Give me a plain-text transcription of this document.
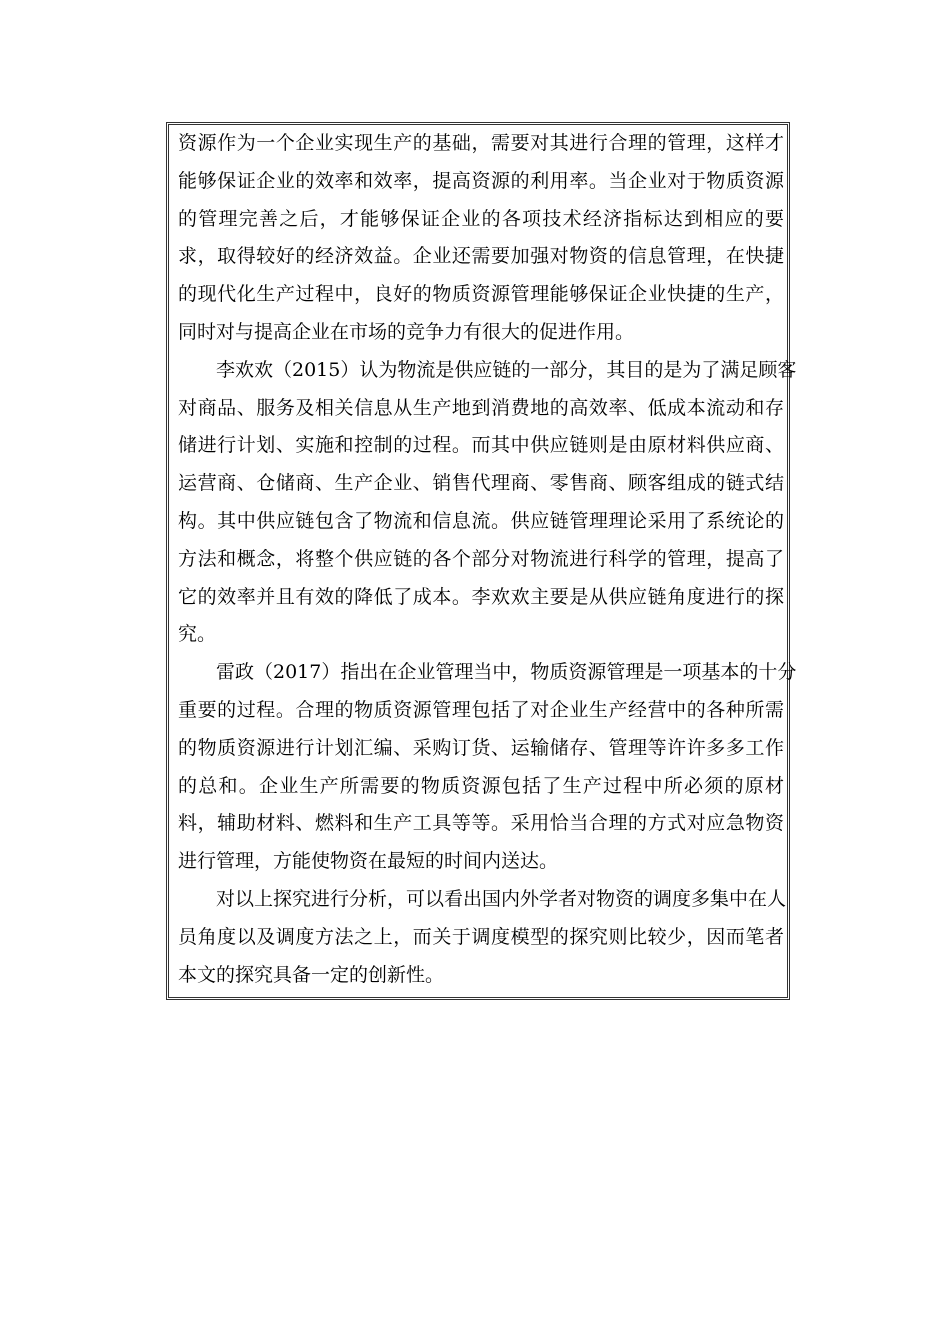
资源作为一个企业实现生产的基础，需要对其进行合理的管理，这样才
能够保证企业的效率和效率，提高资源的利用率。当企业对于物质资源
的管理完善之后，才能够保证企业的各项技术经济指标达到相应的要
求，取得较好的经济效益。企业还需要加强对物资的信息管理，在快捷
的现代化生产过程中，良好的物质资源管理能够保证企业快捷的生产，
同时对与提高企业在市场的竞争力有很大的促进作用。
李欢欢（2015）认为物流是供应链的一部分，其目的是为了满足顾客
对商品、服务及相关信息从生产地到消费地的高效率、低成本流动和存
储进行计划、实施和控制的过程。而其中供应链则是由原材料供应商、
运营商、仓储商、生产企业、销售代理商、零售商、顾客组成的链式结
构。其中供应链包含了物流和信息流。供应链管理理论采用了系统论的
方法和概念，将整个供应链的各个部分对物流进行科学的管理，提高了
它的效率并且有效的降低了成本。李欢欢主要是从供应链角度进行的探
究。
雷政（2017）指出在企业管理当中，物质资源管理是一项基本的十分
重要的过程。合理的物质资源管理包括了对企业生产经营中的各种所需
的物质资源进行计划汇编、采购订货、运输储存、管理等许许多多工作
的总和。企业生产所需要的物质资源包括了生产过程中所必须的原材
料，辅助材料、燃料和生产工具等等。采用恰当合理的方式对应急物资
进行管理，方能使物资在最短的时间内送达。
对以上探究进行分析，可以看出国内外学者对物资的调度多集中在人
员角度以及调度方法之上，而关于调度模型的探究则比较少，因而笔者
本文的探究具备一定的创新性。
